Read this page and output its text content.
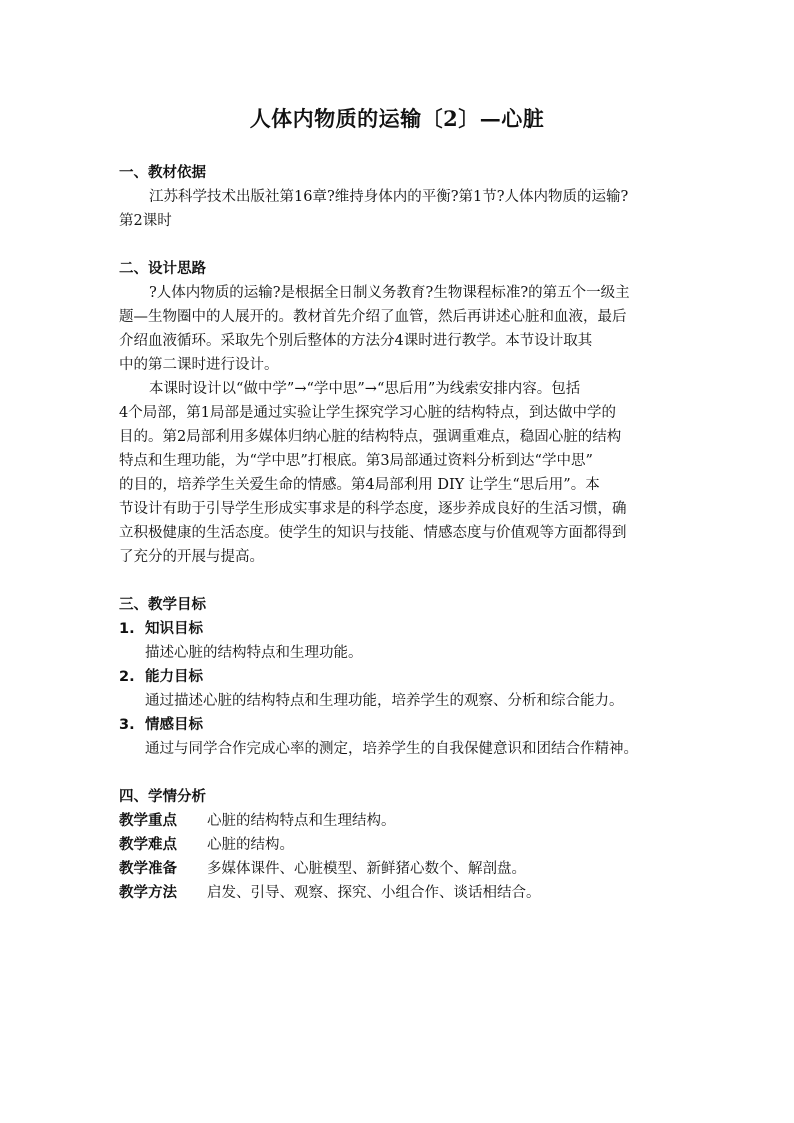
人体内物质的运输〔2〕—心脏
一、教材依据
江苏科学技术出版社第16章?维持身体内的平衡?第1节?人体内物质的运输?
第2课时
二、设计思路
?人体内物质的运输?是根据全日制义务教育?生物课程标准?的第五个一级主
题—生物圈中的人展开的。教材首先介绍了血管，然后再讲述心脏和血液，最后
介绍血液循环。采取先个别后整体的方法分4课时进行教学。本节设计取其
中的第二课时进行设计。
本课时设计以“做中学”→“学中思”→“思后用”为线索安排内容。包括
4个局部，第1局部是通过实验让学生探究学习心脏的结构特点，到达做中学的
目的。第2局部利用多媒体归纳心脏的结构特点，强调重难点，稳固心脏的结构
特点和生理功能，为“学中思”打根底。第3局部通过资料分析到达“学中思”
的目的，培养学生关爱生命的情感。第4局部利用 DIY 让学生“思后用”。本
节设计有助于引导学生形成实事求是的科学态度，逐步养成良好的生活习惯，确
立积极健康的生活态度。使学生的知识与技能、情感态度与价值观等方面都得到
了充分的开展与提高。
三、教学目标
1. 知识目标
描述心脏的结构特点和生理功能。
2. 能力目标
通过描述心脏的结构特点和生理功能，培养学生的观察、分析和综合能力。
3. 情感目标
通过与同学合作完成心率的测定，培养学生的自我保健意识和团结合作精神。
四、学情分析
教学重点 心脏的结构特点和生理结构。
教学难点 心脏的结构。
教学准备 多媒体课件、心脏模型、新鲜猪心数个、解剖盘。
教学方法 启发、引导、观察、探究、小组合作、谈话相结合。
